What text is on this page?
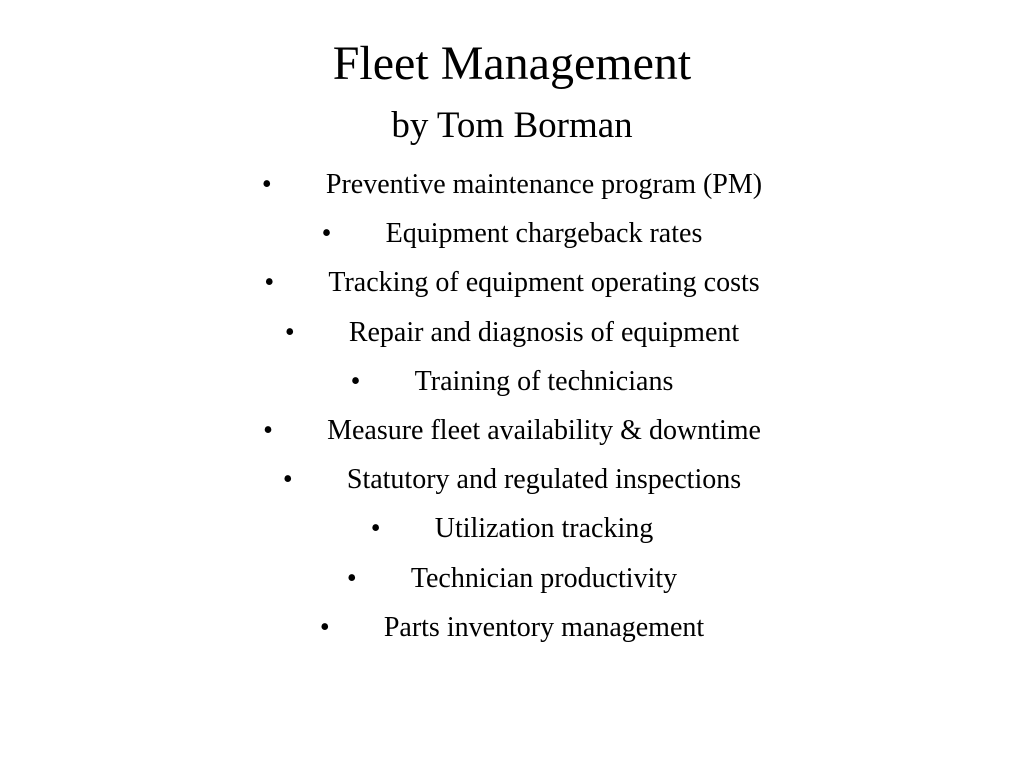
Fleet Management
by Tom Borman
•	Preventive maintenance program (PM)
•	Equipment chargeback rates
•	Tracking of equipment operating costs
•	Repair and diagnosis of equipment
•	Training of technicians
•	Measure fleet availability & downtime
•	Statutory and regulated inspections
•	Utilization tracking
•	Technician productivity
•	Parts inventory management
